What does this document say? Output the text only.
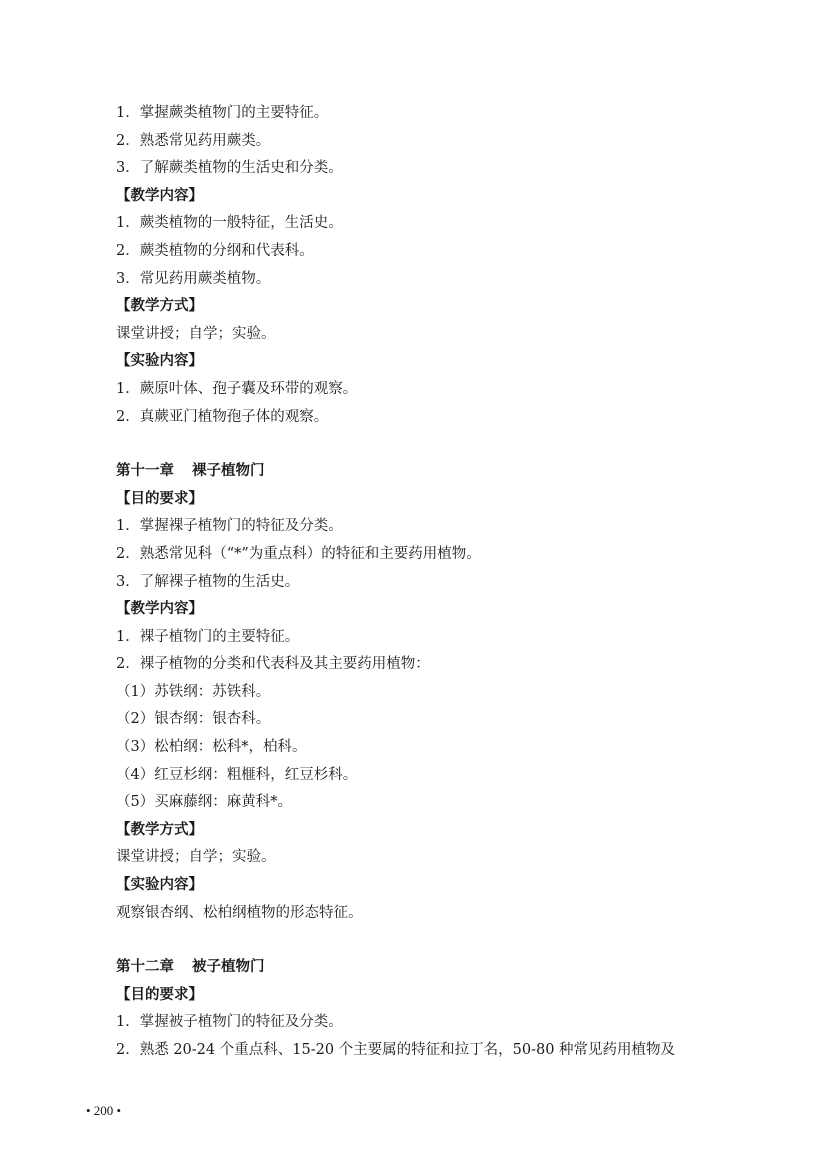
1．掌握蕨类植物门的主要特征。
2．熟悉常见药用蕨类。
3．了解蕨类植物的生活史和分类。
【教学内容】
1．蕨类植物的一般特征，生活史。
2．蕨类植物的分纲和代表科。
3．常见药用蕨类植物。
【教学方式】
课堂讲授；自学；实验。
【实验内容】
1．蕨原叶体、孢子囊及环带的观察。
2．真蕨亚门植物孢子体的观察。
第十一章 裸子植物门
【目的要求】
1．掌握裸子植物门的特征及分类。
2．熟悉常见科（“*”为重点科）的特征和主要药用植物。
3．了解裸子植物的生活史。
【教学内容】
1．裸子植物门的主要特征。
2．裸子植物的分类和代表科及其主要药用植物：
（1）苏铁纲：苏铁科。
（2）银杏纲：银杏科。
（3）松柏纲：松科*，柏科。
（4）红豆杉纲：粗榧科，红豆杉科。
（5）买麻藤纲：麻黄科*。
【教学方式】
课堂讲授；自学；实验。
【实验内容】
观察银杏纲、松柏纲植物的形态特征。
第十二章 被子植物门
【目的要求】
1．掌握被子植物门的特征及分类。
2．熟悉 20-24 个重点科、15-20 个主要属的特征和拉丁名，50-80 种常见药用植物及
• 200 •
